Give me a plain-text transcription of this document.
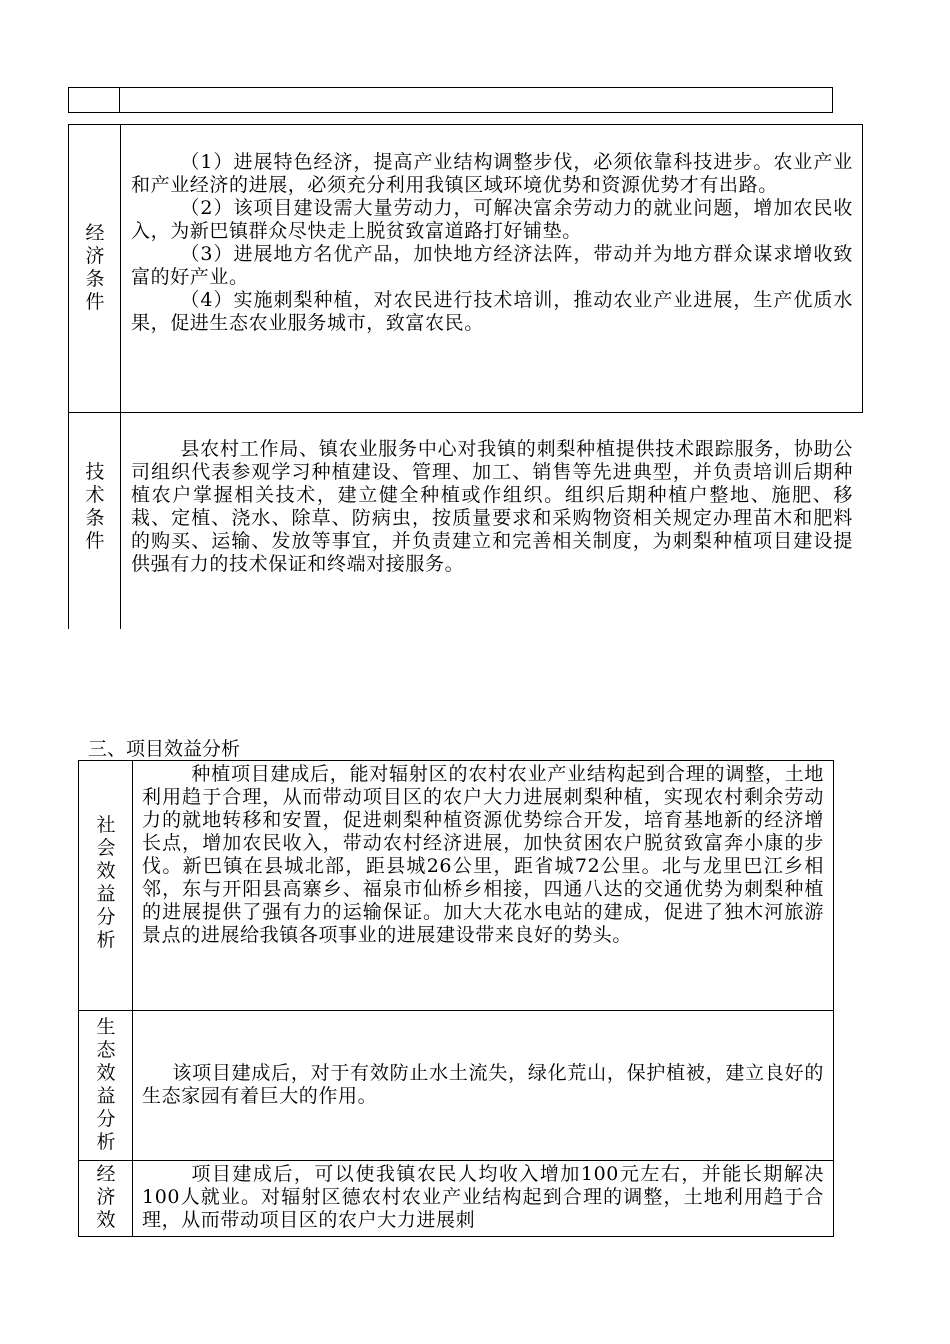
经
济
条
件

（1）进展特色经济，提高产业结构调整步伐，必须依靠科技进步。农业产业和产业经济的进展，必须充分利用我镇区域环境优势和资源优势才有出路。

（2）该项目建设需大量劳动力，可解决富余劳动力的就业问题，增加农民收入，为新巴镇群众尽快走上脱贫致富道路打好铺垫。

（3）进展地方名优产品，加快地方经济法阵，带动并为地方群众谋求增收致富的好产业。

（4）实施刺梨种植，对农民进行技术培训，推动农业产业进展，生产优质水果，促进生态农业服务城市，致富农民。

技
术
条
件

县农村工作局、镇农业服务中心对我镇的刺梨种植提供技术跟踪服务，协助公司组织代表参观学习种植建设、管理、加工、销售等先进典型，并负责培训后期种植农户掌握相关技术，建立健全种植或作组织。组织后期种植户整地、施肥、移栽、定植、浇水、除草、防病虫，按质量要求和采购物资相关规定办理苗木和肥料的购买、运输、发放等事宜，并负责建立和完善相关制度，为刺梨种植项目建设提供强有力的技术保证和终端对接服务。

三、项目效益分析
社
会
效
益
分
析

种植项目建成后，能对辐射区的农村农业产业结构起到合理的调整，土地利用趋于合理，从而带动项目区的农户大力进展刺梨种植，实现农村剩余劳动力的就地转移和安置，促进刺梨种植资源优势综合开发，培育基地新的经济增长点，增加农民收入，带动农村经济进展，加快贫困农户脱贫致富奔小康的步伐。新巴镇在县城北部，距县城26公里，距省城72公里。北与龙里巴江乡相邻，东与开阳县高寨乡、福泉市仙桥乡相接，四通八达的交通优势为刺梨种植的进展提供了强有力的运输保证。加大大花水电站的建成，促进了独木河旅游景点的进展给我镇各项事业的进展建设带来良好的势头。

生
态
效
益
分
析

该项目建成后，对于有效防止水土流失，绿化荒山，保护植被，建立良好的生态家园有着巨大的作用。

经
济
效

项目建成后，可以使我镇农民人均收入增加100元左右，并能长期解决100人就业。对辐射区德农村农业产业结构起到合理的调整，土地利用趋于合理，从而带动项目区的农户大力进展刺
